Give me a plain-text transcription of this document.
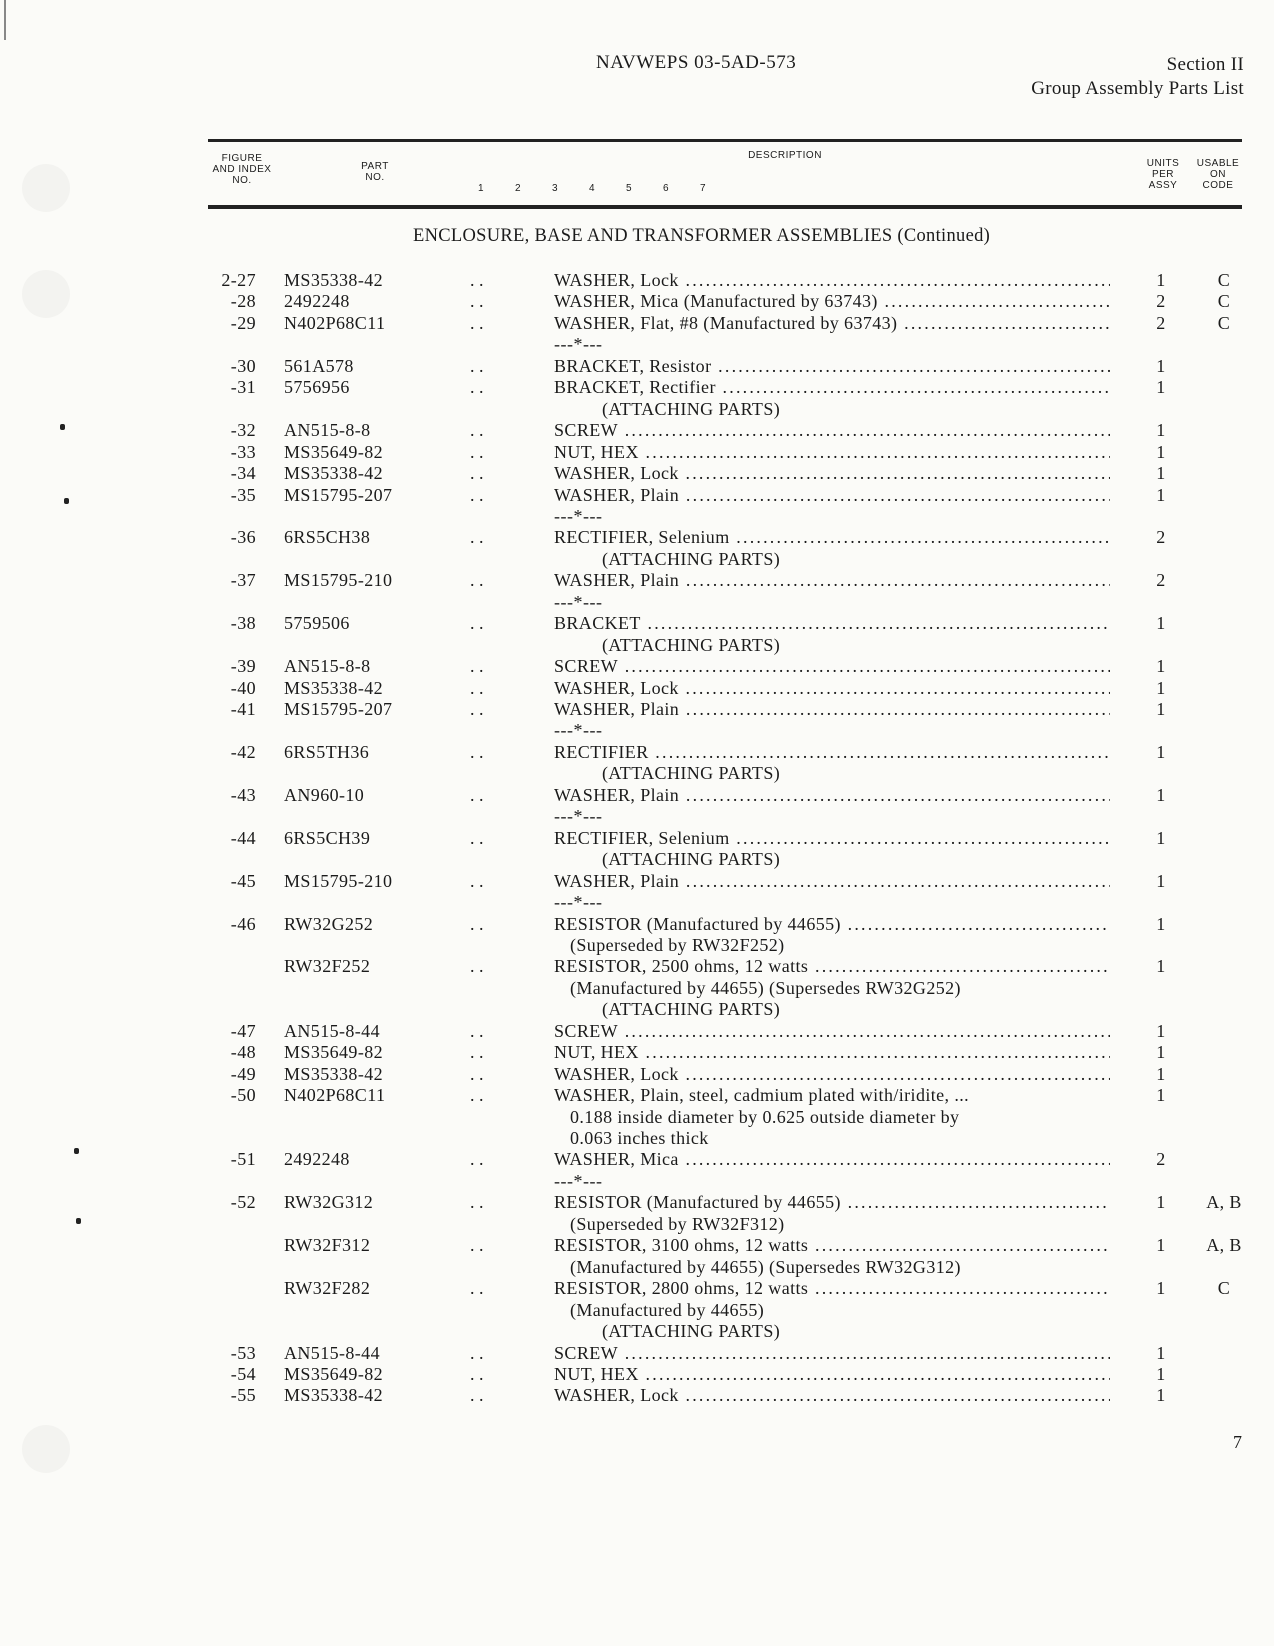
NAVWEPS 03-5AD-573	Section II
Group Assembly Parts List
FIGURE AND INDEX NO.
PART NO.
DESCRIPTION
UNITS PER ASSY
USABLE ON CODE
1	2	3	4	5	6	7
ENCLOSURE, BASE AND TRANSFORMER ASSEMBLIES (Continued)
2-27 MS35338-42	. .	WASHER, Lock .....	1	C
-28 2492248	. .	WASHER, Mica (Manufactured by 63743) .....	2	C
-29 N402P68C11	. .	WASHER, Flat, #8 (Manufactured by 63743) .....	2	C
---*---
-30 561A578	. .	BRACKET, Resistor .....	1
-31 5756956	. .	BRACKET, Rectifier .....	1
(ATTACHING PARTS)
-32 AN515-8-8	. .	SCREW .....	1
-33 MS35649-82	. .	NUT, HEX .....	1
-34 MS35338-42	. .	WASHER, Lock .....	1
-35 MS15795-207	. .	WASHER, Plain .....	1
---*---
-36 6RS5CH38	. .	RECTIFIER, Selenium .....	2
(ATTACHING PARTS)
-37 MS15795-210	. .	WASHER, Plain .....	2
---*---
-38 5759506	. .	BRACKET .....	1
(ATTACHING PARTS)
-39 AN515-8-8	. .	SCREW .....	1
-40 MS35338-42	. .	WASHER, Lock .....	1
-41 MS15795-207	. .	WASHER, Plain .....	1
---*---
-42 6RS5TH36	. .	RECTIFIER .....	1
(ATTACHING PARTS)
-43 AN960-10	. .	WASHER, Plain .....	1
---*---
-44 6RS5CH39	. .	RECTIFIER, Selenium .....	1
(ATTACHING PARTS)
-45 MS15795-210	. .	WASHER, Plain .....	1
---*---
-46 RW32G252	. .	RESISTOR (Manufactured by 44655) .....	1
(Superseded by RW32F252)
RW32F252	. .	RESISTOR, 2500 ohms, 12 watts .....	1
(Manufactured by 44655) (Supersedes RW32G252)
(ATTACHING PARTS)
-47 AN515-8-44	. .	SCREW .....	1
-48 MS35649-82	. .	NUT, HEX .....	1
-49 MS35338-42	. .	WASHER, Lock .....	1
-50 N402P68C11	. .	WASHER, Plain, steel, cadmium plated with/iridite, ...	1
0.188 inside diameter by 0.625 outside diameter by
0.063 inches thick
-51 2492248	. .	WASHER, Mica .....	2
---*---
-52 RW32G312	. .	RESISTOR (Manufactured by 44655) .....	1	A, B
(Superseded by RW32F312)
RW32F312	. .	RESISTOR, 3100 ohms, 12 watts .....	1	A, B
(Manufactured by 44655) (Supersedes RW32G312)
RW32F282	. .	RESISTOR, 2800 ohms, 12 watts .....	1	C
(Manufactured by 44655)
(ATTACHING PARTS)
-53 AN515-8-44	. .	SCREW .....	1
-54 MS35649-82	. .	NUT, HEX .....	1
-55 MS35338-42	. .	WASHER, Lock .....	1
7
